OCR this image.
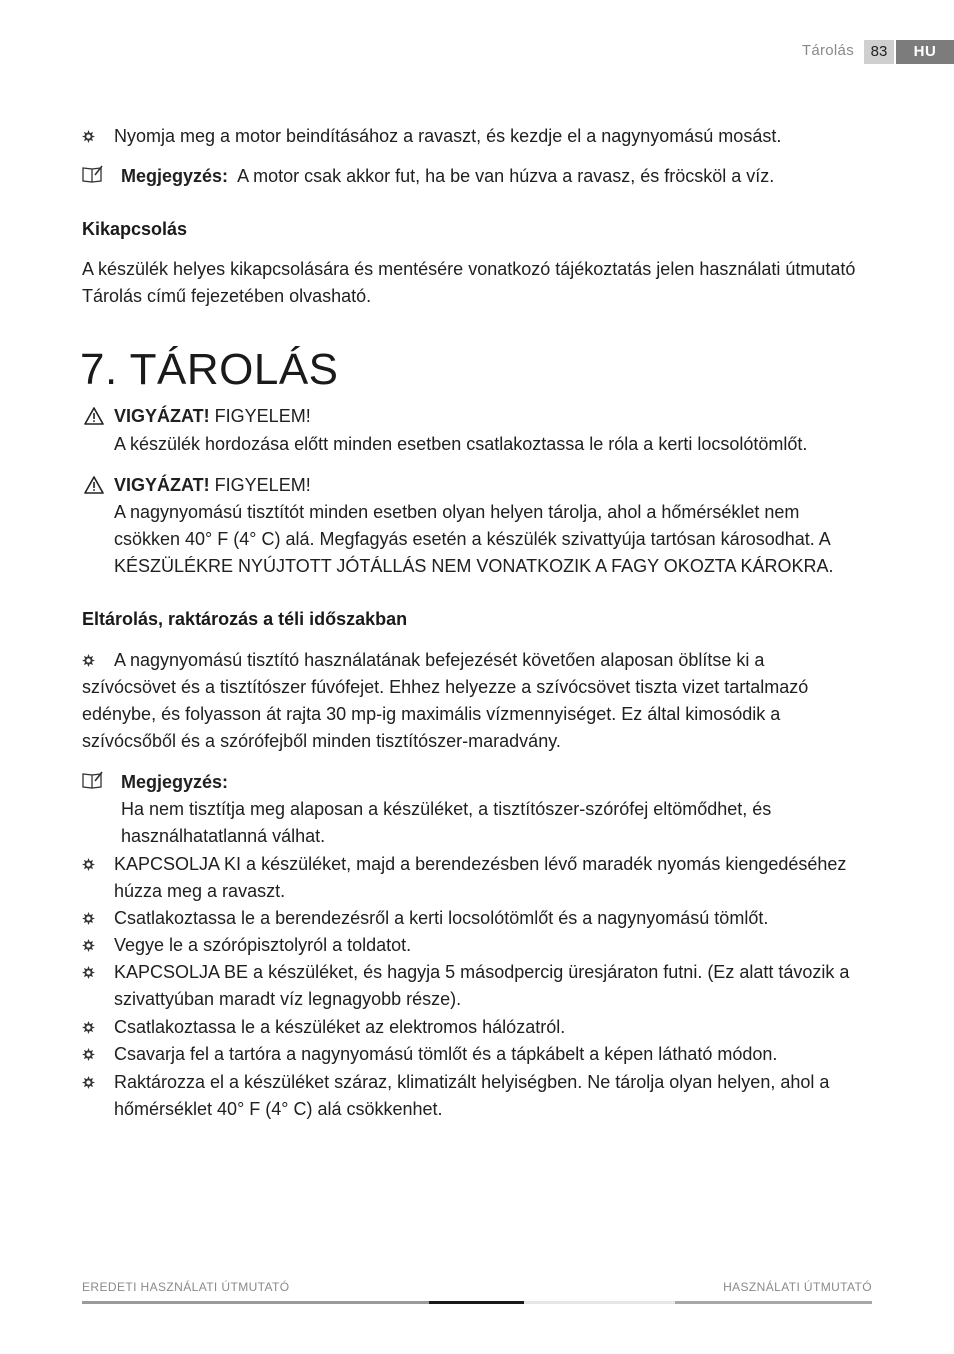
Tárolás	83	HU
Nyomja meg a motor beindításához a ravaszt, és kezdje el a nagynyomású mosást.
Megjegyzés: A motor csak akkor fut, ha be van húzva a ravasz, és fröcsköl a víz.
Kikapcsolás
A készülék helyes kikapcsolására és mentésére vonatkozó tájékoztatás jelen használati útmutató
Tárolás című fejezetében olvasható.
7. TÁROLÁS
VIGYÁZAT! FIGYELEM!
A készülék hordozása előtt minden esetben csatlakoztassa le róla a kerti locsolótömlőt.
VIGYÁZAT! FIGYELEM!
A nagynyomású tisztítót minden esetben olyan helyen tárolja, ahol a hőmérséklet nem
csökken 40° F (4° C) alá. Megfagyás esetén a készülék szivattyúja tartósan károsodhat. A
KÉSZÜLÉKRE NYÚJTOTT JÓTÁLLÁS NEM VONATKOZIK A FAGY OKOZTA KÁROKRA.
Eltárolás, raktározás a téli időszakban
A nagynyomású tisztító használatának befejezését követően alaposan öblítse ki a
szívócsövet és a tisztítószer fúvófejet. Ehhez helyezze a szívócsövet tiszta vizet tartalmazó
edénybe, és folyasson át rajta 30 mp-ig maximális vízmennyiséget. Ez által kimosódik a
szívócsőből és a szórófejből minden tisztítószer-maradvány.
Megjegyzés:
Ha nem tisztítja meg alaposan a készüléket, a tisztítószer-szórófej eltömődhet, és
használhatatlanná válhat.
KAPCSOLJA KI a készüléket, majd a berendezésben lévő maradék nyomás kiengedéséhez
húzza meg a ravaszt.
Csatlakoztassa le a berendezésről a kerti locsolótömlőt és a nagynyomású tömlőt.
Vegye le a szórópisztolyról a toldatot.
KAPCSOLJA BE a készüléket, és hagyja 5 másodpercig üresjáraton futni. (Ez alatt távozik a
szivattyúban maradt víz legnagyobb része).
Csatlakoztassa le a készüléket az elektromos hálózatról.
Csavarja fel a tartóra a nagynyomású tömlőt és a tápkábelt a képen látható módon.
Raktározza el a készüléket száraz, klimatizált helyiségben. Ne tárolja olyan helyen, ahol a
hőmérséklet 40° F (4° C) alá csökkenhet.
EREDETI HASZNÁLATI ÚTMUTATÓ	HASZNÁLATI ÚTMUTATÓ
